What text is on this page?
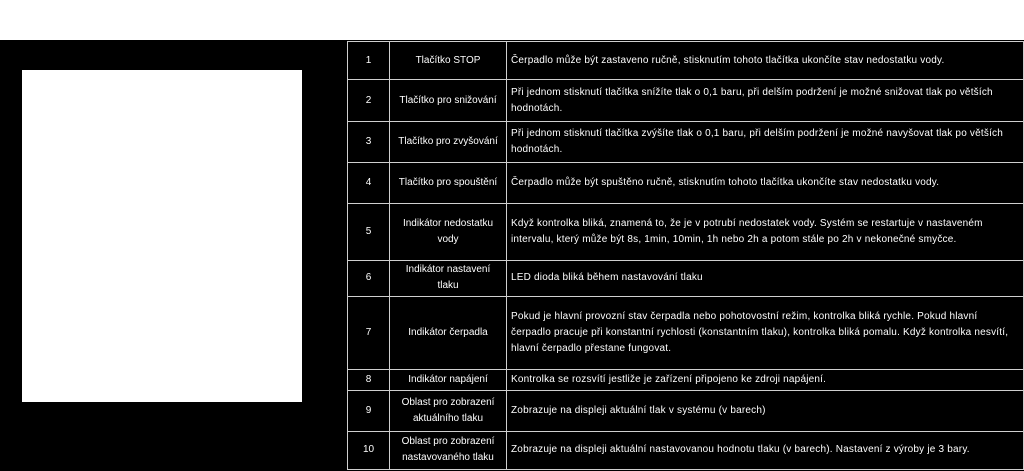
1	Tlačítko STOP	Čerpadlo může být zastaveno ručně, stisknutím tohoto tlačítka ukončíte stav nedostatku vody.
2	Tlačítko pro snižování	Při jednom stisknutí tlačítka snížíte tlak o 0,1 baru, při delším podržení je možné snižovat tlak po větších hodnotách.
3	Tlačítko pro zvyšování	Při jednom stisknutí tlačítka zvýšíte tlak o 0,1 baru, při delším podržení je možné navyšovat tlak po větších hodnotách.
4	Tlačítko pro spouštění	Čerpadlo může být spuštěno ručně, stisknutím tohoto tlačítka ukončíte stav nedostatku vody.
5	Indikátor nedostatku vody	Když kontrolka bliká, znamená to, že je v potrubí nedostatek vody. Systém se restartuje v nastaveném intervalu, který může být 8s, 1min, 10min, 1h nebo 2h a potom stále po 2h v nekonečné smyčce.
6	Indikátor nastavení tlaku	LED dioda bliká během nastavování tlaku
7	Indikátor čerpadla	Pokud je hlavní provozní stav čerpadla nebo pohotovostní režim, kontrolka bliká rychle. Pokud hlavní čerpadlo pracuje při konstantní rychlosti (konstantním tlaku), kontrolka bliká pomalu. Když kontrolka nesvítí, hlavní čerpadlo přestane fungovat.
8	Indikátor napájení	Kontrolka se rozsvítí jestliže je zařízení připojeno ke zdroji napájení.
9	Oblast pro zobrazení aktuálního tlaku	Zobrazuje na displeji aktuální tlak v systému (v barech)
10	Oblast pro zobrazení nastavovaného tlaku	Zobrazuje na displeji aktuální nastavovanou hodnotu tlaku (v barech). Nastavení z výroby je 3 bary.
